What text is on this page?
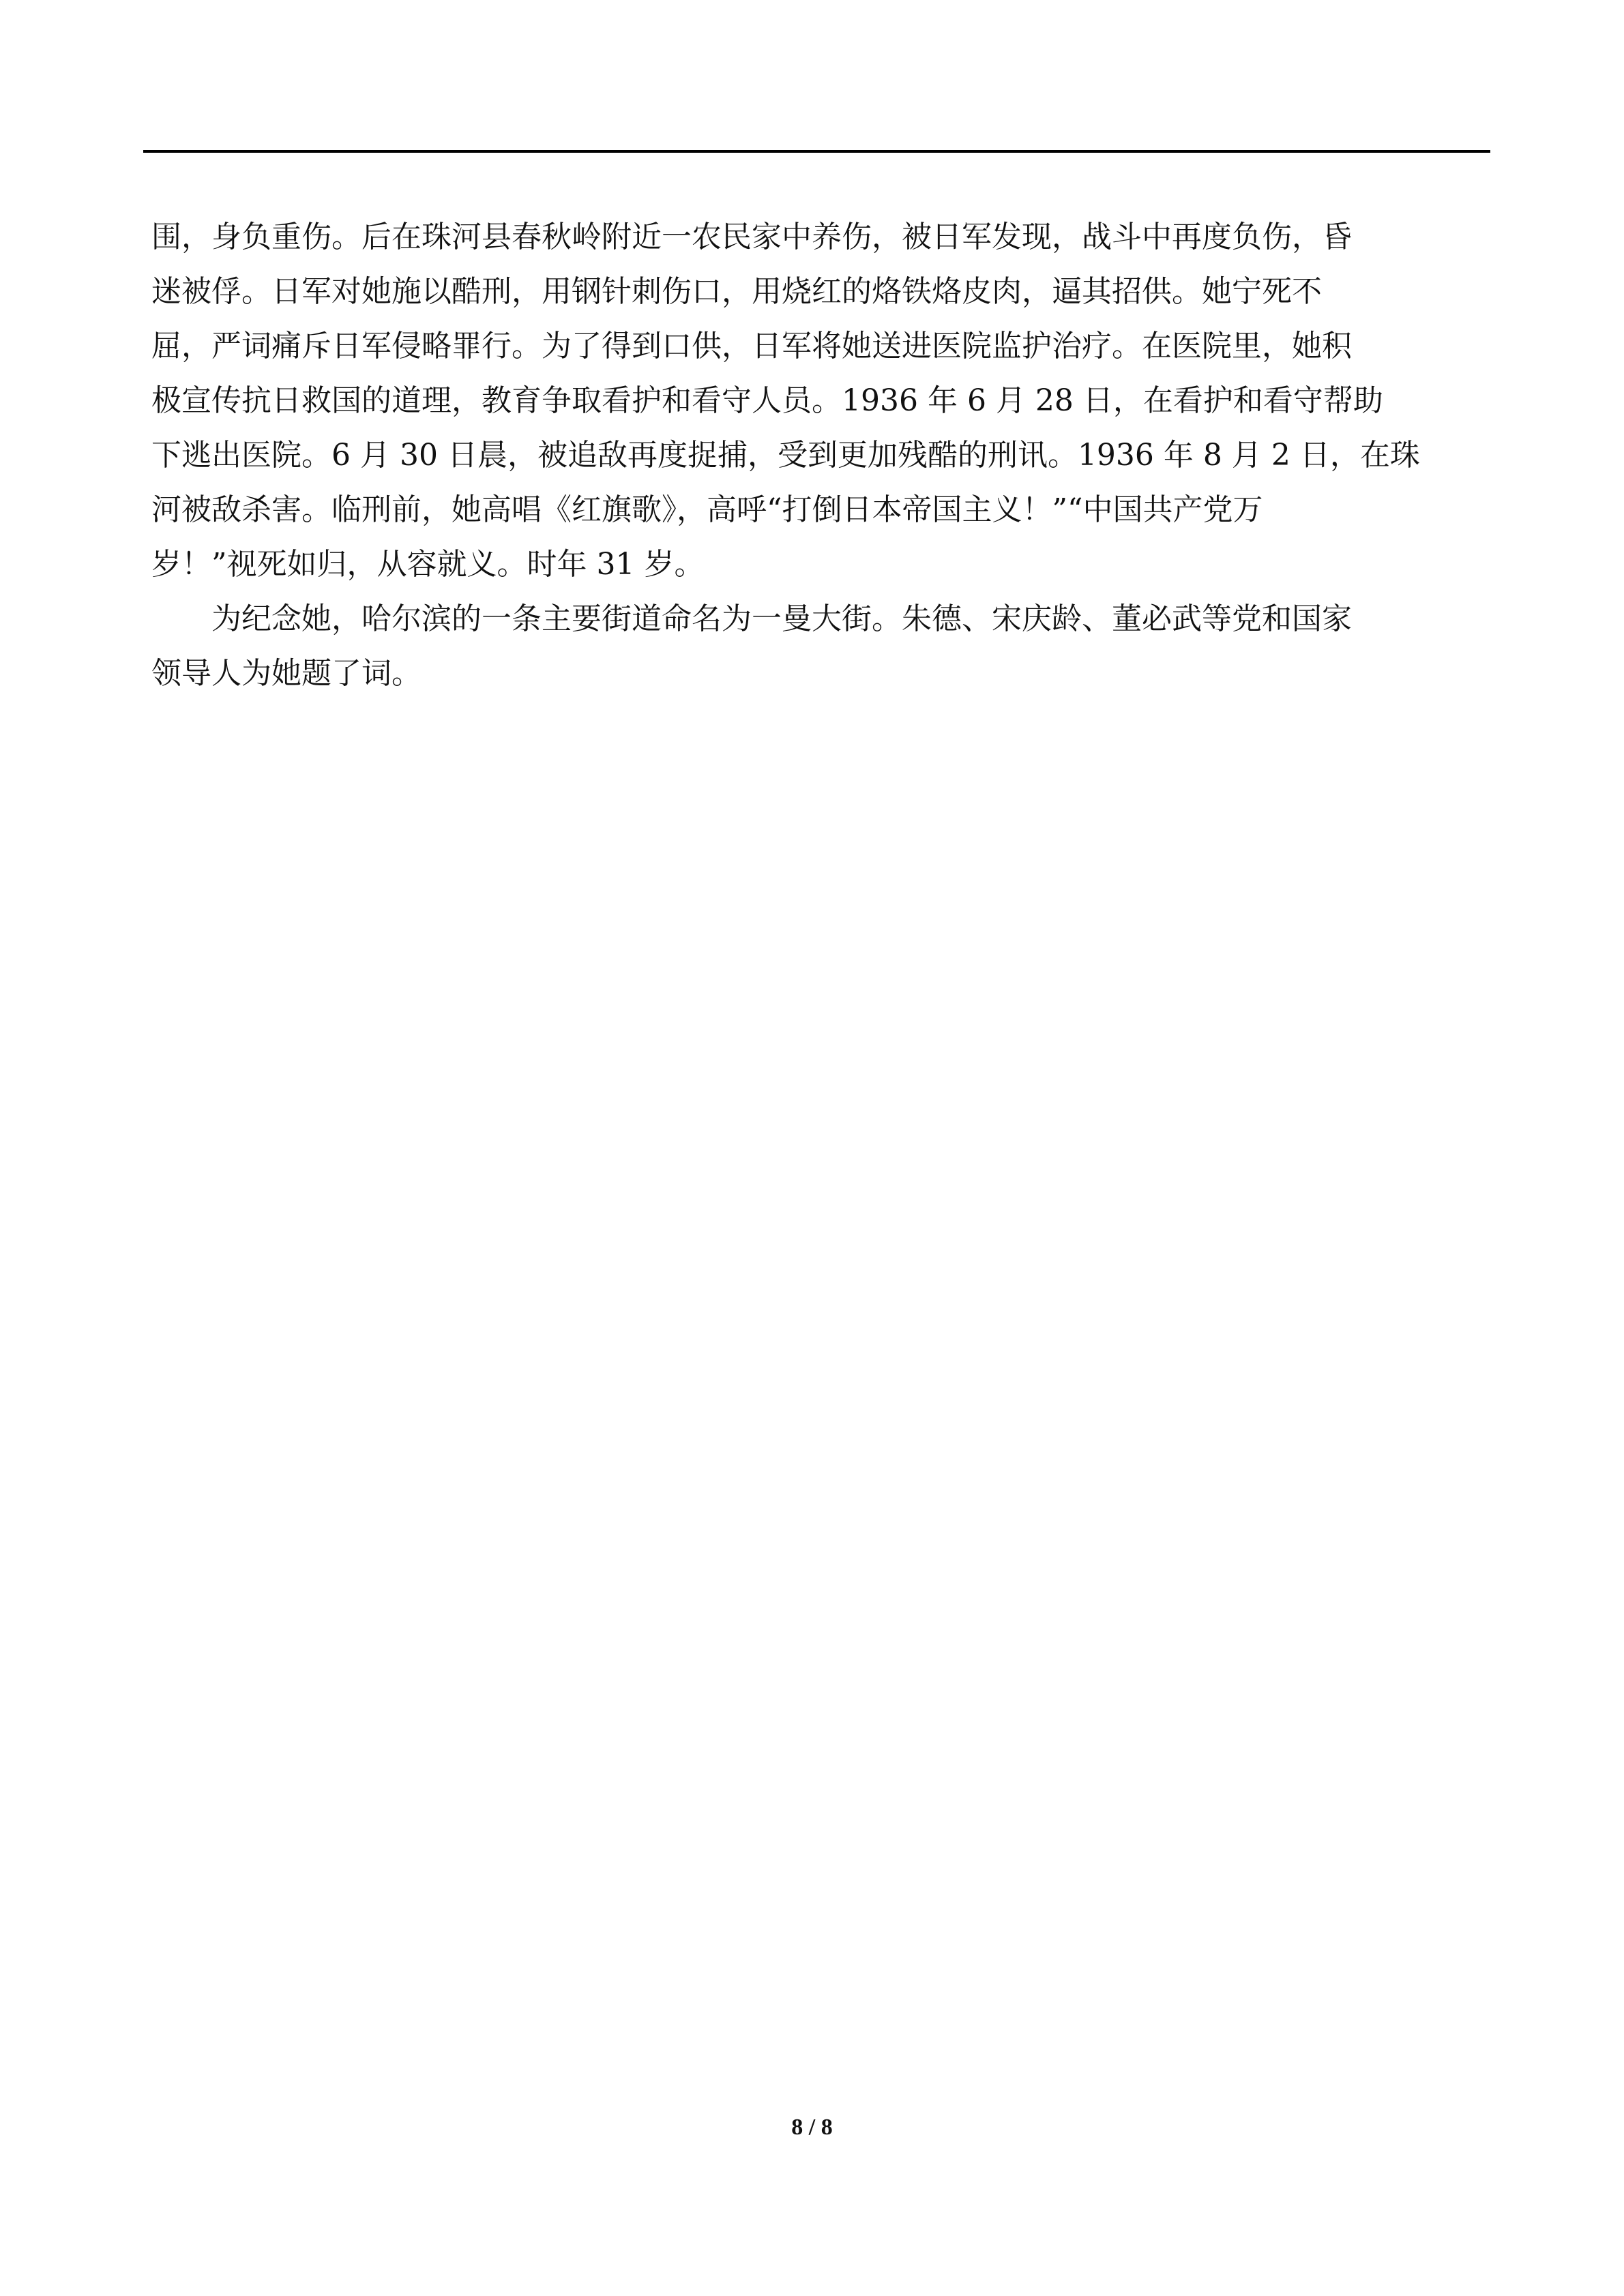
围，身负重伤。后在珠河县春秋岭附近一农民家中养伤，被日军发现，战斗中再度负伤，昏
迷被俘。日军对她施以酷刑，用钢针刺伤口，用烧红的烙铁烙皮肉，逼其招供。她宁死不
屈，严词痛斥日军侵略罪行。为了得到口供，日军将她送进医院监护治疗。在医院里，她积
极宣传抗日救国的道理，教育争取看护和看守人员。1936 年 6 月 28 日，在看护和看守帮助
下逃出医院。6 月 30 日晨，被追敌再度捉捕，受到更加残酷的刑讯。1936 年 8 月 2 日，在珠
河被敌杀害。临刑前，她高唱《红旗歌》，高呼“打倒日本帝国主义！”“中国共产党万
岁！”视死如归，从容就义。时年 31 岁。
为纪念她，哈尔滨的一条主要街道命名为一曼大街。朱德、宋庆龄、董必武等党和国家
领导人为她题了词。
8 / 8
